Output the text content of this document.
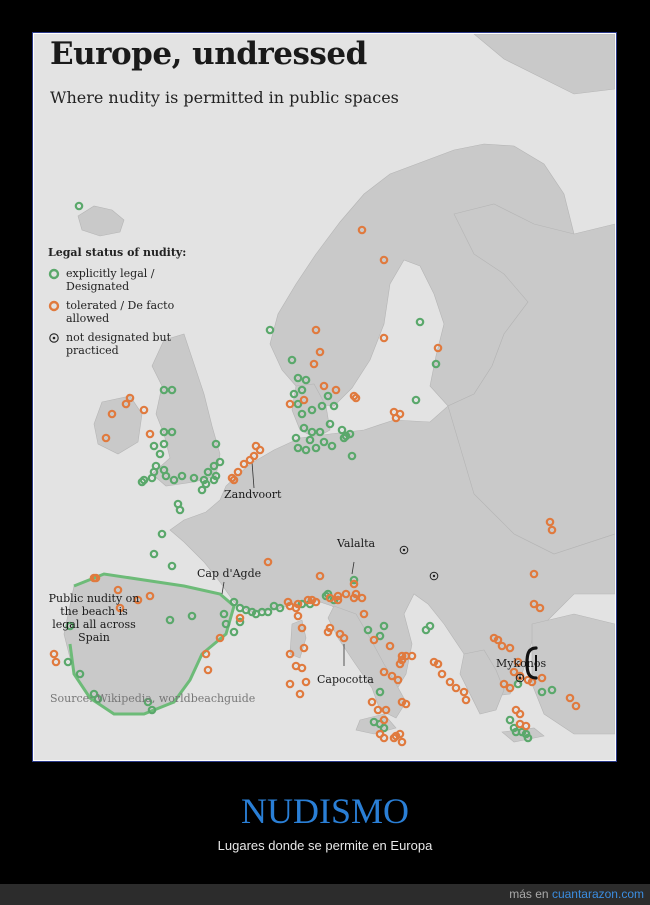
Europe, undressed

Where nudity is permitted in public spaces

Legal status of nudity:
explicitly legal / Designated
tolerated / De facto allowed
not designated but practiced
Zandvoort
Valalta
Cap d'Agde
Capocotta
Mykonos
Public nudity on the beach is legal all across Spain
Source: Wikipedia, worldbeachguide
NUDISMO
Lugares donde se permite en Europa
más en cuantarazon.com
